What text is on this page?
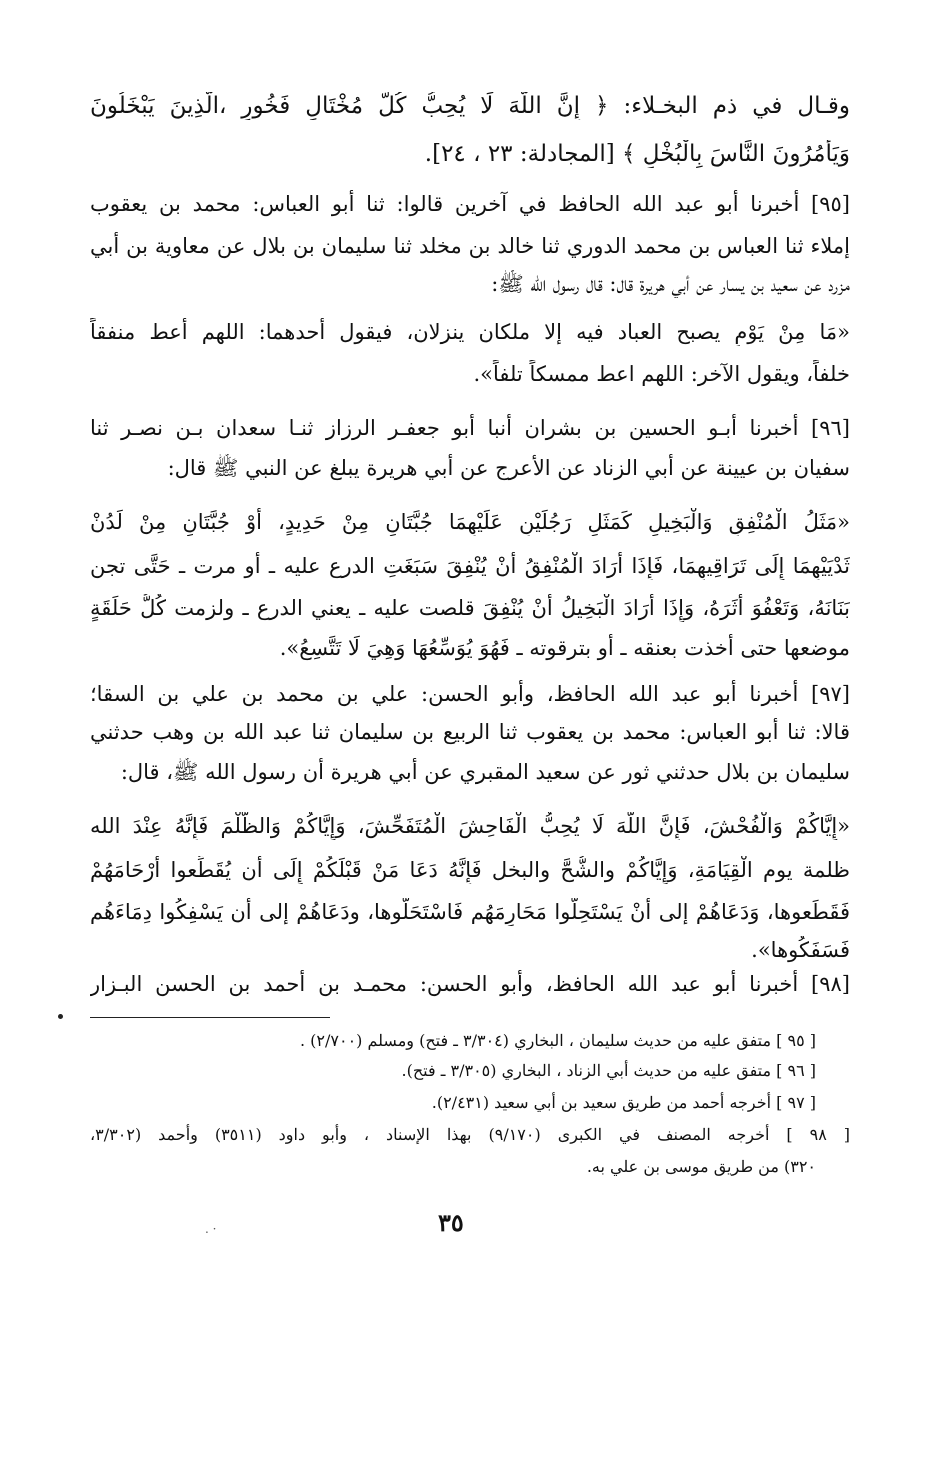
وقـال في ذم البخـلاء: ﴿ إِنَّ اللَّهَ لَا يُحِبُّ كُلَّ مُخْتَالٍ فَخُورٍ ،الَّذِينَ يَبْخَلُونَ
وَيَأْمُرُونَ النَّاسَ بِالْبُخْلِ ﴾ [المجادلة: ٢٣ ، ٢٤].
[٩٥] أخبرنا أبو عبد الله الحافظ في آخرين قالوا: ثنا أبو العباس: محمد بن يعقوب
إملاء ثنا العباس بن محمد الدوري ثنا خالد بن مخلد ثنا سليمان بن بلال عن معاوية بن أبي
مزرد عن سعيد بن يسار عن أبي هريرة قال: قال رسول الله ﷺ:
«مَا مِنْ يَوْمٍ يصبح العباد فيه إلا ملكان ينزلان، فيقول أحدهما: اللهم أعط منفقاً
خلفاً، ويقول الآخر: اللهم اعط ممسكاً تلفاً».
[٩٦] أخبرنا أبـو الحسين بن بشران أنبا أبو جعفـر الرزاز ثنـا سعدان بـن نصـر ثنا
سفيان بن عيينة عن أبي الزناد عن الأعرج عن أبي هريرة يبلغ عن النبي ﷺ قال:
«مَثَلُ الْمُنْفِقِ وَالْبَخِيلِ كَمَثَلِ رَجُلَيْنِ عَلَيْهِمَا جُبَّتَانِ مِنْ حَدِيدٍ، أَوْ جُبَّتَانِ مِنْ لَدُنْ
ثَدْيَيْهِمَا إِلَى تَرَاقِيهِمَا، فَإِذَا أَرَادَ الْمُنْفِقُ أَنْ يُنْفِقَ سَبَغَتِ الدرع عليه ـ أو مرت ـ حَتَّى تجن
بَنَانَهُ، وَتَعْفُوَ أَثَرَهُ، وَإِذَا أَرَادَ الْبَخِيلُ أَنْ يُنْفِقَ قلصت عليه ـ يعني الدرع ـ ولزمت كُلُّ حَلَقَةٍ
موضعها حتى أخذت بعنقه ـ أو بترقوته ـ فَهُوَ يُوَسِّعُهَا وَهِيَ لَا تَتَّسِعُ».
[٩٧] أخبرنا أبو عبد الله الحافظ، وأبو الحسن: علي بن محمد بن علي بن السقا؛
قالا: ثنا أبو العباس: محمد بن يعقوب ثنا الربيع بن سليمان ثنا عبد الله بن وهب حدثني
سليمان بن بلال حدثني ثور عن سعيد المقبري عن أبي هريرة أن رسول الله ﷺ، قال:
«إِيَّاكُمْ وَالْفُحْشَ، فَإِنَّ اللَّهَ لَا يُحِبُّ الْفَاحِشَ الْمُتَفَحِّشَ، وَإِيَّاكُمْ وَالظُّلْمَ فَإِنَّهُ عِنْدَ الله
ظلمة يوم الْقِيَامَةِ، وَإِيَّاكُمْ والشُّحَّ والبخل فَإِنَّهُ دَعَا مَنْ قَبْلَكُمْ إِلَى أن يُقَطِّعوا أَرْحَامَهُمْ
فَقَطَعوها، وَدَعَاهُمْ إلى أَنْ يَسْتَحِلّوا مَحَارِمَهُم فَاسْتَحَلُّوها، ودَعَاهُمْ إلى أن يَسْفِكُوا دِمَاءَهُم
فَسَفَكُوها».
[٩٨] أخبرنا أبو عبد الله الحافظ، وأبو الحسن: محمـد بن أحمد بن الحسن البـزار
[ ٩٥ ] متفق عليه من حديث سليمان ، البخاري (٣/٣٠٤ ـ فتح) ومسلم (٢/٧٠٠) .
[ ٩٦ ] متفق عليه من حديث أبي الزناد ، البخاري (٣/٣٠٥ ـ فتح).
[ ٩٧ ] أخرجه أحمد من طريق سعيد بن أبي سعيد (٢/٤٣١).
[ ٩٨ ] أخرجه المصنف في الكبرى (٩/١٧٠) بهذا الإسناد ، وأبو داود (٣٥١١) وأحمد (٣/٣٠٢،
٣٢٠) من طريق موسى بن علي به.
٣٥
· .
